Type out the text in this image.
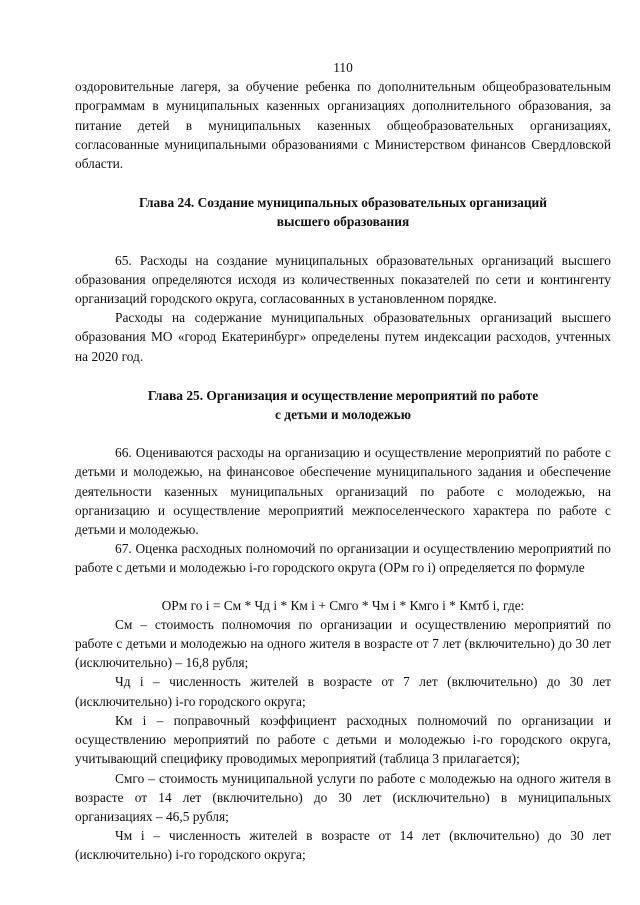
110

оздоровительные лагеря, за обучение ребенка по дополнительным общеобразовательным программам в муниципальных казенных организациях дополнительного образования, за питание детей в муниципальных казенных общеобразовательных организациях, согласованные муниципальными образованиями с Министерством финансов Свердловской области.

Глава 24. Создание муниципальных образовательных организаций

высшего образования

65. Расходы на создание муниципальных образовательных организаций высшего образования определяются исходя из количественных показателей по сети и контингенту организаций городского округа, согласованных в установленном порядке.

Расходы на содержание муниципальных образовательных организаций высшего образования МО «город Екатеринбург» определены путем индексации расходов, учтенных на 2020 год.

Глава 25. Организация и осуществление мероприятий по работе

с детьми и молодежью

66. Оцениваются расходы на организацию и осуществление мероприятий по работе с детьми и молодежью, на финансовое обеспечение муниципального задания и обеспечение деятельности казенных муниципальных организаций по работе с молодежью, на организацию и осуществление мероприятий межпоселенческого характера по работе с детьми и молодежью.

67. Оценка расходных полномочий по организации и осуществлению мероприятий по работе с детьми и молодежью i-го городского округа (ОРм го i) определяется по формуле

ОРм го i = См * Чд i * Км i + Смго * Чм i * Кмго i * Кмтб i, где:

См – стоимость полномочия по организации и осуществлению мероприятий по работе с детьми и молодежью на одного жителя в возрасте от 7 лет (включительно) до 30 лет (исключительно) – 16,8 рубля;

Чд i – численность жителей в возрасте от 7 лет (включительно) до 30 лет (исключительно) i-го городского округа;

Км i – поправочный коэффициент расходных полномочий по организации и осуществлению мероприятий по работе с детьми и молодежью i-го городского округа, учитывающий специфику проводимых мероприятий (таблица 3 прилагается);

Смго – стоимость муниципальной услуги по работе с молодежью на одного жителя в возрасте от 14 лет (включительно) до 30 лет (исключительно) в муниципальных организациях – 46,5 рубля;

Чм i – численность жителей в возрасте от 14 лет (включительно) до 30 лет (исключительно) i-го городского округа;
